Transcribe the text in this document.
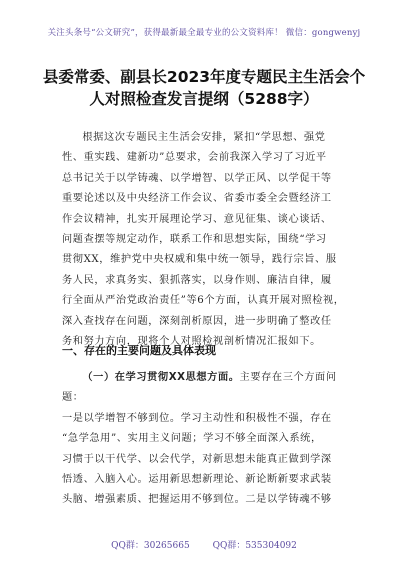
关注头条号“公文研究”，获得最新最全最专业的公文资料库！ 微信：gongwenyj
县委常委、副县长2023年度专题民主生活会个人对照检查发言提纲（5288字）

根据这次专题民主生活会安排，紧扣“学思想、强党

性、重实践、建新功”总要求，会前我深入学习了习近平

总书记关于以学铸魂、以学增智、以学正风、以学促干等

重要论述以及中央经济工作会议、省委市委全会暨经济工

作会议精神，扎实开展理论学习、意见征集、谈心谈话、

问题查摆等规定动作，联系工作和思想实际，围绕“学习

贯彻XX，维护党中央权威和集中统一领导，践行宗旨、服

务人民，求真务实、狠抓落实，以身作则、廉洁自律，履

行全面从严治党政治责任”等6个方面，认真开展对照检视，

深入查找存在问题，深刻剖析原因，进一步明确了整改任

务和努力方向，现将个人对照检视剖析情况汇报如下。

一、存在的主要问题及具体表现

（一）在学习贯彻XX思想方面。主要存在三个方面问题：

一是以学增智不够到位。学习主动性和积极性不强，存在

“急学急用”、实用主义问题；学习不够全面深入系统，

习惯于以干代学、以会代学，对新思想未能真正做到学深

悟透、入脑入心。运用新思想新理论、新论断新要求武装

头脑、增强素质、把握运用不够到位。二是以学铸魂不够

QQ群：30265665	QQ群：535304092
